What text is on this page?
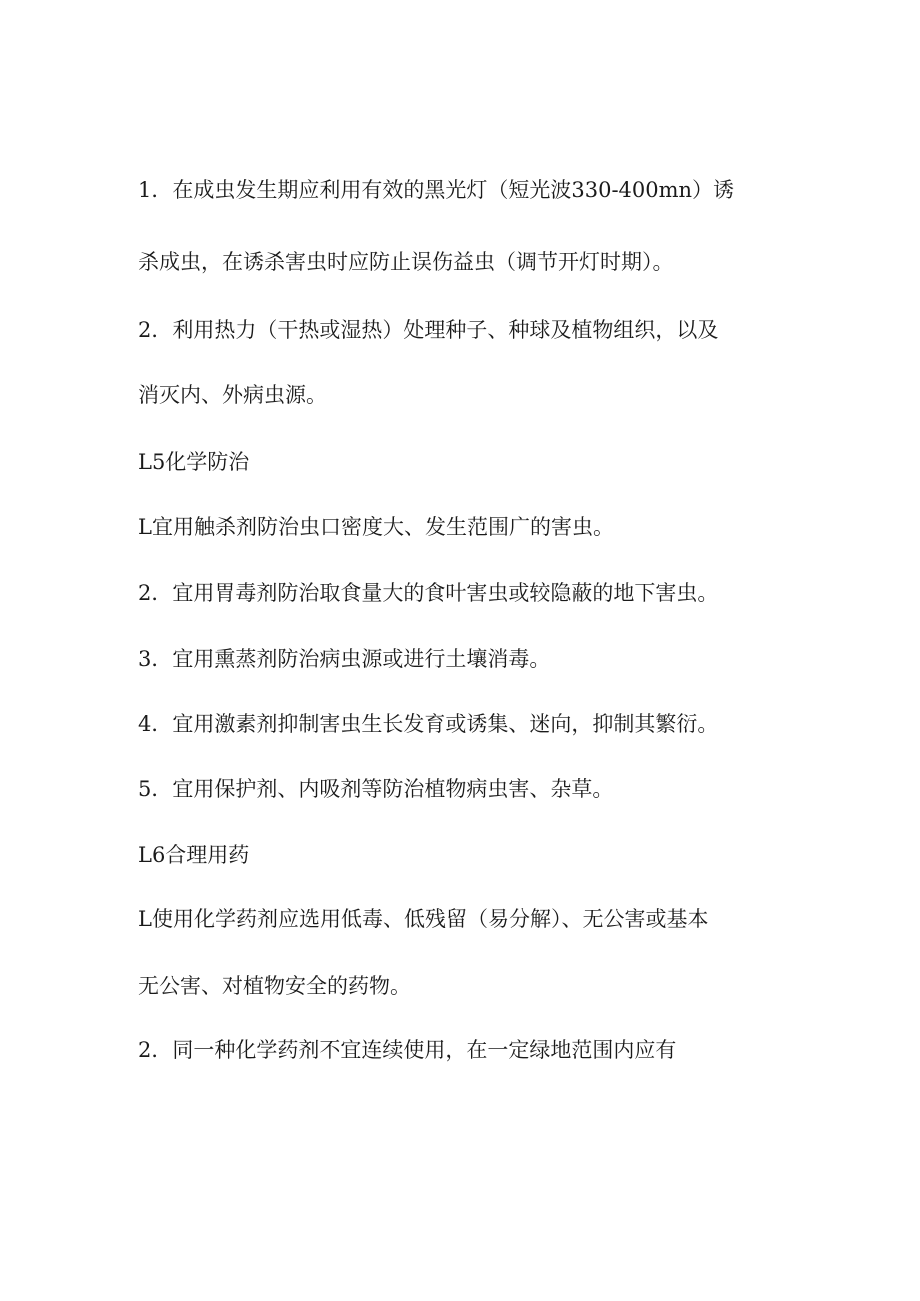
1．在成虫发生期应利用有效的黑光灯（短光波330-400mn）诱
杀成虫，在诱杀害虫时应防止误伤益虫（调节开灯时期）。
2．利用热力（干热或湿热）处理种子、种球及植物组织，以及
消灭内、外病虫源。
L5化学防治
L宜用触杀剂防治虫口密度大、发生范围广的害虫。
2．宜用胃毒剂防治取食量大的食叶害虫或较隐蔽的地下害虫。
3．宜用熏蒸剂防治病虫源或进行土壤消毒。
4．宜用激素剂抑制害虫生长发育或诱集、迷向，抑制其繁衍。
5．宜用保护剂、内吸剂等防治植物病虫害、杂草。
L6合理用药
L使用化学药剂应选用低毒、低残留（易分解）、无公害或基本
无公害、对植物安全的药物。
2．同一种化学药剂不宜连续使用，在一定绿地范围内应有
